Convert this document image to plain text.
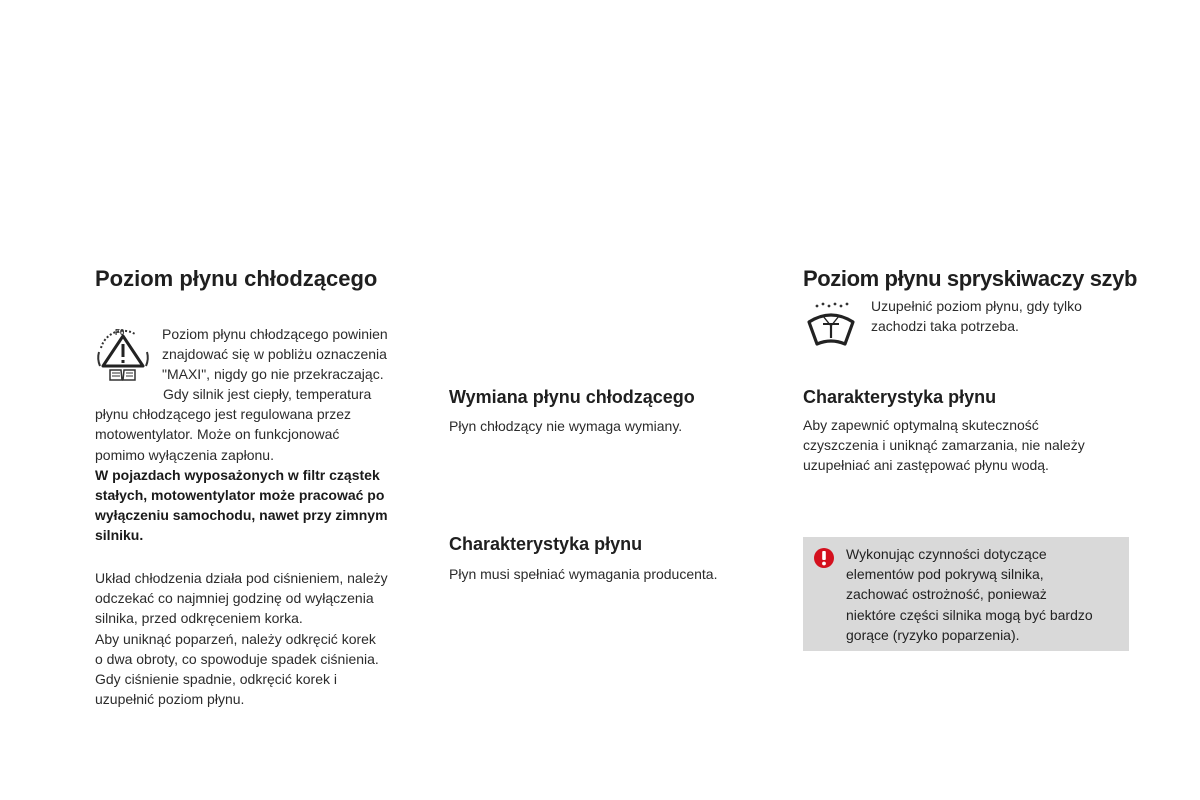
Poziom płynu chłodzącego
F0	Poziom płynu chłodzącego powinien
znajdować się w pobliżu oznaczenia
"MAXI", nigdy go nie przekraczając.

Gdy silnik jest ciepły, temperatura
płynu chłodzącego jest regulowana przez
motowentylator. Może on funkcjonować
pomimo wyłączenia zapłonu.
W pojazdach wyposażonych w filtr cząstek
stałych, motowentylator może pracować po
wyłączeniu samochodu, nawet przy zimnym
silniku.

Układ chłodzenia działa pod ciśnieniem, należy
odczekać co najmniej godzinę od wyłączenia
silnika, przed odkręceniem korka.
Aby uniknąć poparzeń, należy odkręcić korek
o dwa obroty, co spowoduje spadek ciśnienia.
Gdy ciśnienie spadnie, odkręcić korek i
uzupełnić poziom płynu.

Wymiana płynu chłodzącego

Płyn chłodzący nie wymaga wymiany.

Charakterystyka płynu

Płyn musi spełniać wymagania producenta.

Poziom płynu spryskiwaczy szyb

Uzupełnić poziom płynu, gdy tylko
zachodzi taka potrzeba.

Charakterystyka płynu

Aby zapewnić optymalną skuteczność
czyszczenia i uniknąć zamarzania, nie należy
uzupełniać ani zastępować płynu wodą.

Wykonując czynności dotyczące
elementów pod pokrywą silnika,
zachować ostrożność, ponieważ
niektóre części silnika mogą być bardzo
gorące (ryzyko poparzenia).
